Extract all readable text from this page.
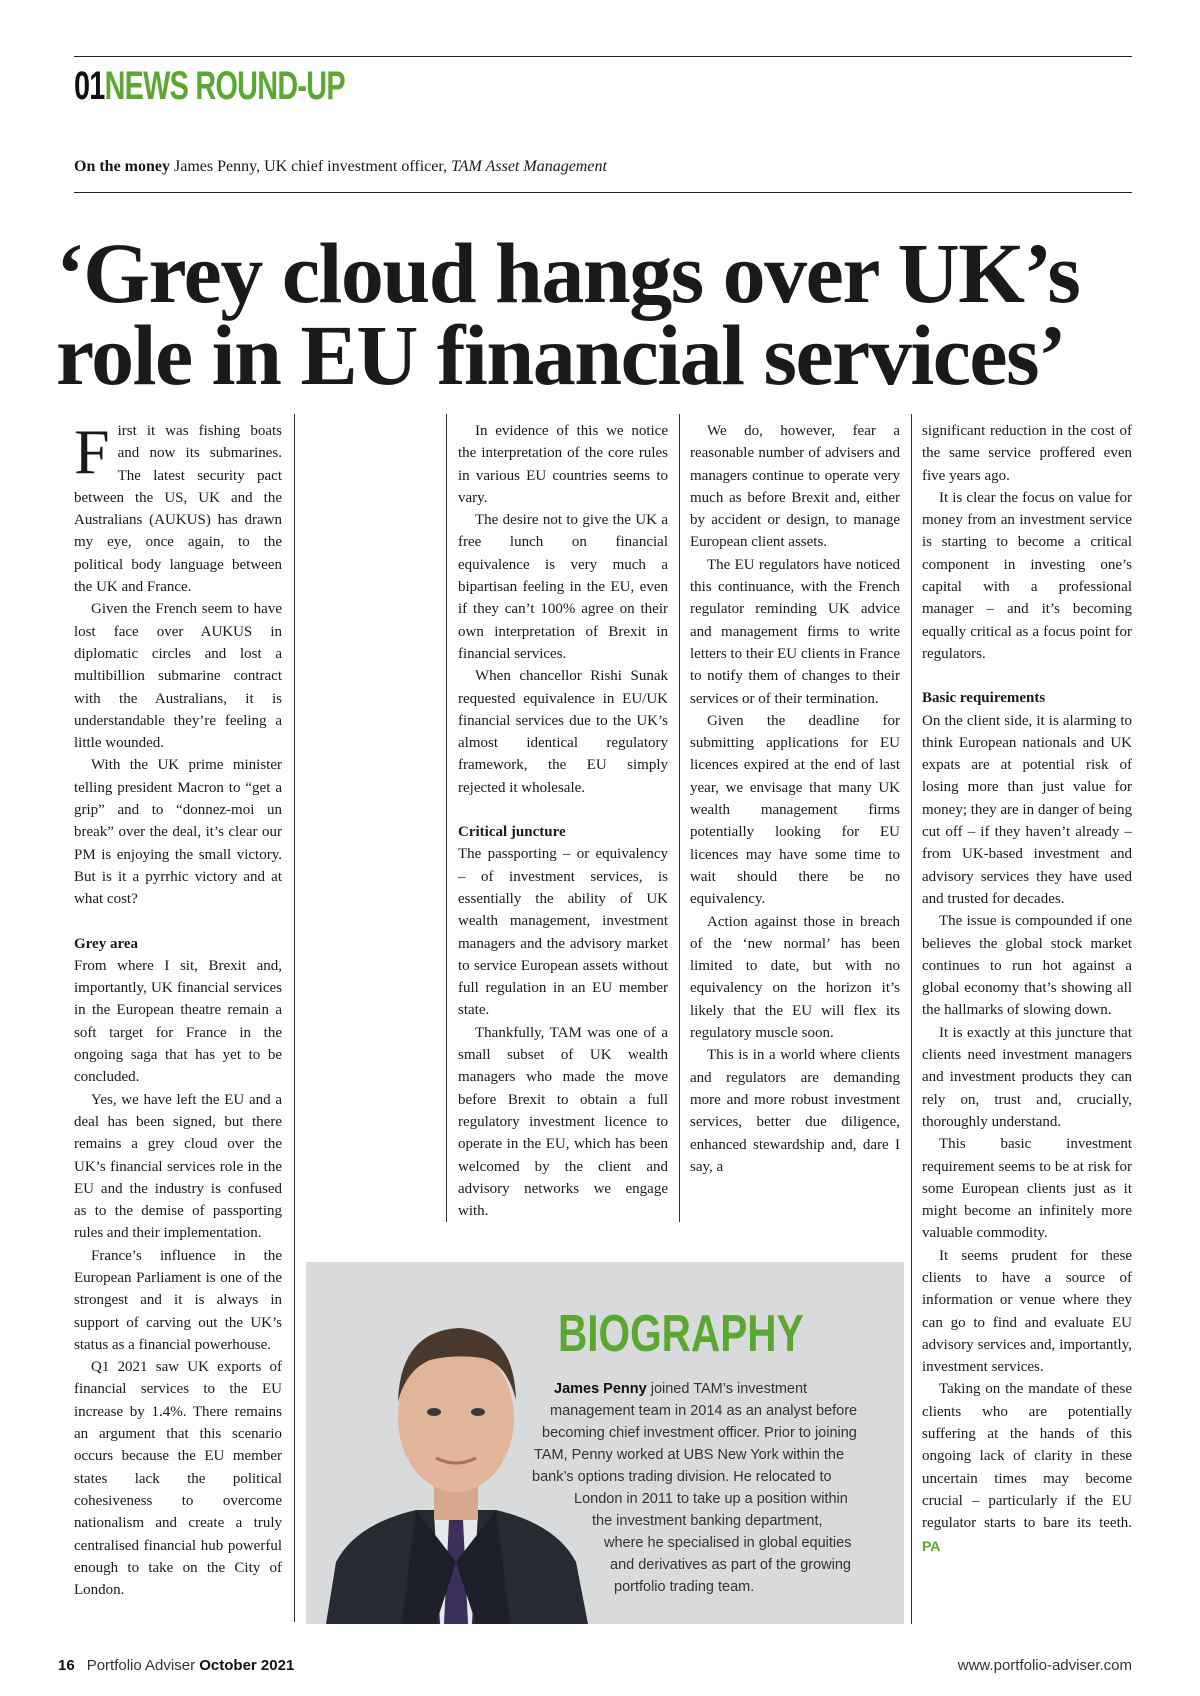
01NEWS ROUND-UP
On the money James Penny, UK chief investment officer, TAM Asset Management
‘Grey cloud hangs over UK’s
role in EU financial services’

First it was fishing boats and now its submarines. The latest security pact between the US, UK and the Australians (AUKUS) has drawn my eye, once again, to the political body language between the UK and France.

Given the French seem to have lost face over AUKUS in diplomatic circles and lost a multibillion submarine contract with the Australians, it is understandable they’re feeling a little wounded.

With the UK prime minister telling president Macron to “get a grip” and to “donnez-moi un break” over the deal, it’s clear our PM is enjoying the small victory. But is it a pyrrhic victory and at what cost?

Grey area

From where I sit, Brexit and, importantly, UK financial services in the European theatre remain a soft target for France in the ongoing saga that has yet to be concluded.

Yes, we have left the EU and a deal has been signed, but there remains a grey cloud over the UK’s financial services role in the EU and the industry is confused as to the demise of passporting rules and their implementation.

France’s influence in the European Parliament is one of the strongest and it is always in support of carving out the UK’s status as a financial powerhouse.

Q1 2021 saw UK exports of financial services to the EU increase by 1.4%. There remains an argument that this scenario occurs because the EU member states lack the political cohesiveness to overcome nationalism and create a truly centralised financial hub powerful enough to take on the City of London.

In evidence of this we notice the interpretation of the core rules in various EU countries seems to vary.

The desire not to give the UK a free lunch on financial equivalence is very much a bipartisan feeling in the EU, even if they can’t 100% agree on their own interpretation of Brexit in financial services.

When chancellor Rishi Sunak requested equivalence in EU/UK financial services due to the UK’s almost identical regulatory framework, the EU simply rejected it wholesale.

Critical juncture

The passporting – or equivalency – of investment services, is essentially the ability of UK wealth management, investment managers and the advisory market to service European assets without full regulation in an EU member state.

Thankfully, TAM was one of a small subset of UK wealth managers who made the move before Brexit to obtain a full regulatory investment licence to operate in the EU, which has been welcomed by the client and advisory networks we engage with.

We do, however, fear a reasonable number of advisers and managers continue to operate very much as before Brexit and, either by accident or design, to manage European client assets.

The EU regulators have noticed this continuance, with the French regulator reminding UK advice and management firms to write letters to their EU clients in France to notify them of changes to their services or of their termination.

Given the deadline for submitting applications for EU licences expired at the end of last year, we envisage that many UK wealth management firms potentially looking for EU licences may have some time to wait should there be no equivalency.

Action against those in breach of the ‘new normal’ has been limited to date, but with no equivalency on the horizon it’s likely that the EU will flex its regulatory muscle soon.

This is in a world where clients and regulators are demanding more and more robust investment services, better due diligence, enhanced stewardship and, dare I say, a

significant reduction in the cost of the same service proffered even five years ago.

It is clear the focus on value for money from an investment service is starting to become a critical component in investing one’s capital with a professional manager – and it’s becoming equally critical as a focus point for regulators.

Basic requirements

On the client side, it is alarming to think European nationals and UK expats are at potential risk of losing more than just value for money; they are in danger of being cut off – if they haven’t already – from UK-based investment and advisory services they have used and trusted for decades.

The issue is compounded if one believes the global stock market continues to run hot against a global economy that’s showing all the hallmarks of slowing down.

It is exactly at this juncture that clients need investment managers and investment products they can rely on, trust and, crucially, thoroughly understand.

This basic investment requirement seems to be at risk for some European clients just as it might become an infinitely more valuable commodity.

It seems prudent for these clients to have a source of information or venue where they can go to find and evaluate EU advisory services and, importantly, investment services.

Taking on the mandate of these clients who are potentially suffering at the hands of this ongoing lack of clarity in these uncertain times may become crucial – particularly if the EU regulator starts to bare its teeth. PA

BIOGRAPHY
James Penny joined TAM’s investment
management team in 2014 as an analyst before
becoming chief investment officer. Prior to joining
TAM, Penny worked at UBS New York within the
bank’s options trading division. He relocated to
London in 2011 to take up a position within
the investment banking department,
where he specialised in global equities
and derivatives as part of the growing
portfolio trading team.
16 Portfolio Adviser October 2021	www.portfolio-adviser.com
